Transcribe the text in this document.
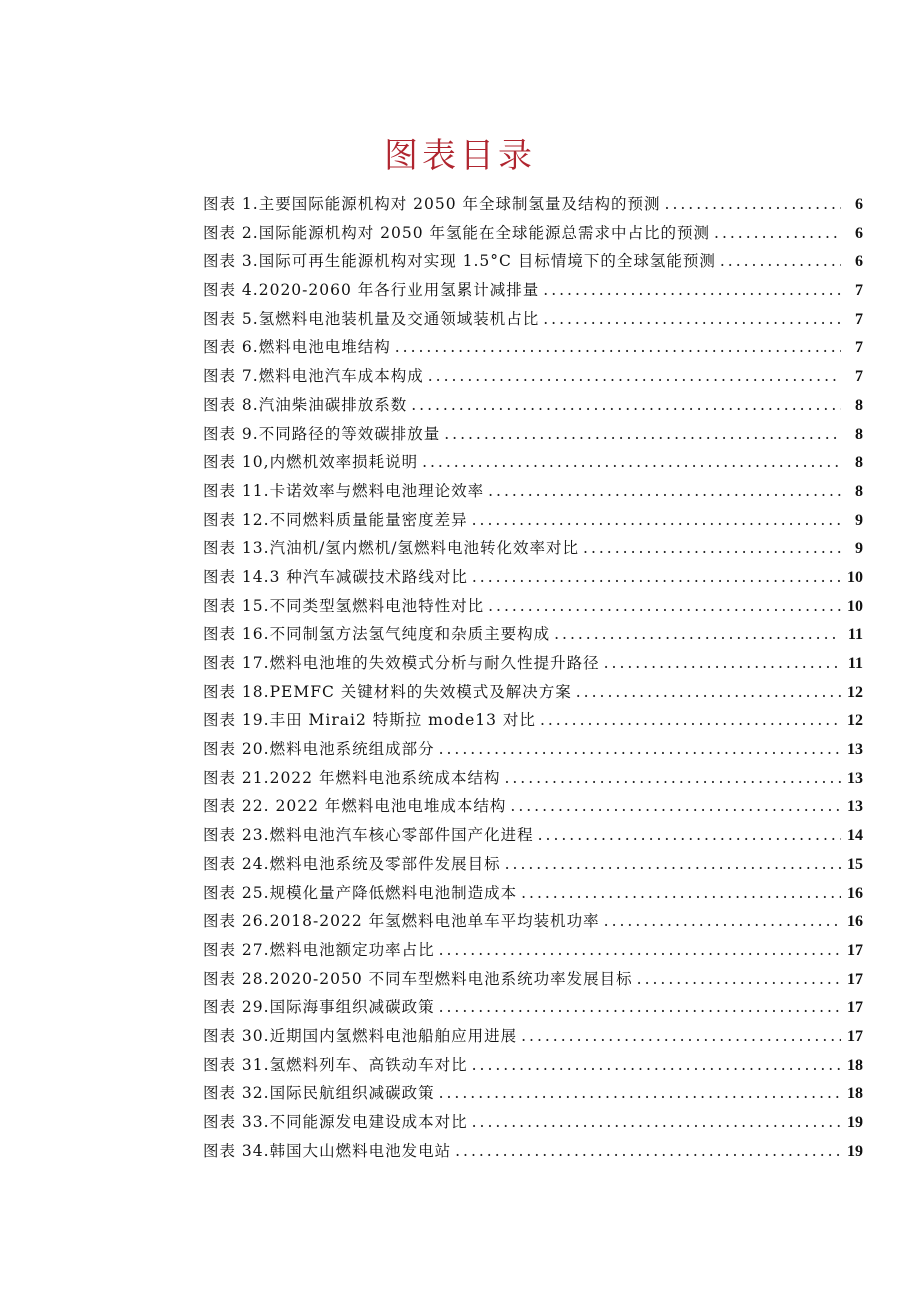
图表目录
图表 1.主要国际能源机构对 2050 年全球制氢量及结构的预测 .....	6
图表 2.国际能源机构对 2050 年氢能在全球能源总需求中占比的预测 .....	6
图表 3.国际可再生能源机构对实现 1.5°C 目标情境下的全球氢能预测 .....	6
图表 4.2020-2060 年各行业用氢累计减排量 .....	7
图表 5.氢燃料电池装机量及交通领域装机占比 .....	7
图表 6.燃料电池电堆结构 .....	7
图表 7.燃料电池汽车成本构成 .....	7
图表 8.汽油柴油碳排放系数 .....	8
图表 9.不同路径的等效碳排放量 .....	8
图表 10,内燃机效率损耗说明 .....	8
图表 11.卡诺效率与燃料电池理论效率 .....	8
图表 12.不同燃料质量能量密度差异 .....	9
图表 13.汽油机/氢内燃机/氢燃料电池转化效率对比 .....	9
图表 14.3 种汽车减碳技术路线对比 .....	10
图表 15.不同类型氢燃料电池特性对比 .....	10
图表 16.不同制氢方法氢气纯度和杂质主要构成 .....	11
图表 17.燃料电池堆的失效模式分析与耐久性提升路径 .....	11
图表 18.PEMFC 关键材料的失效模式及解决方案 .....	12
图表 19.丰田 Mirai2 特斯拉 mode13 对比 .....	12
图表 20.燃料电池系统组成部分 .....	13
图表 21.2022 年燃料电池系统成本结构 .....	13
图表 22. 2022 年燃料电池电堆成本结构 .....	13
图表 23.燃料电池汽车核心零部件国产化进程 .....	14
图表 24.燃料电池系统及零部件发展目标 .....	15
图表 25.规模化量产降低燃料电池制造成本 .....	16
图表 26.2018-2022 年氢燃料电池单车平均装机功率 .....	16
图表 27.燃料电池额定功率占比 .....	17
图表 28.2020-2050 不同车型燃料电池系统功率发展目标 .....	17
图表 29.国际海事组织减碳政策 .....	17
图表 30.近期国内氢燃料电池船舶应用进展 .....	17
图表 31.氢燃料列车、高铁动车对比 .....	18
图表 32.国际民航组织减碳政策 .....	18
图表 33.不同能源发电建设成本对比 .....	19
图表 34.韩国大山燃料电池发电站 .....	19
